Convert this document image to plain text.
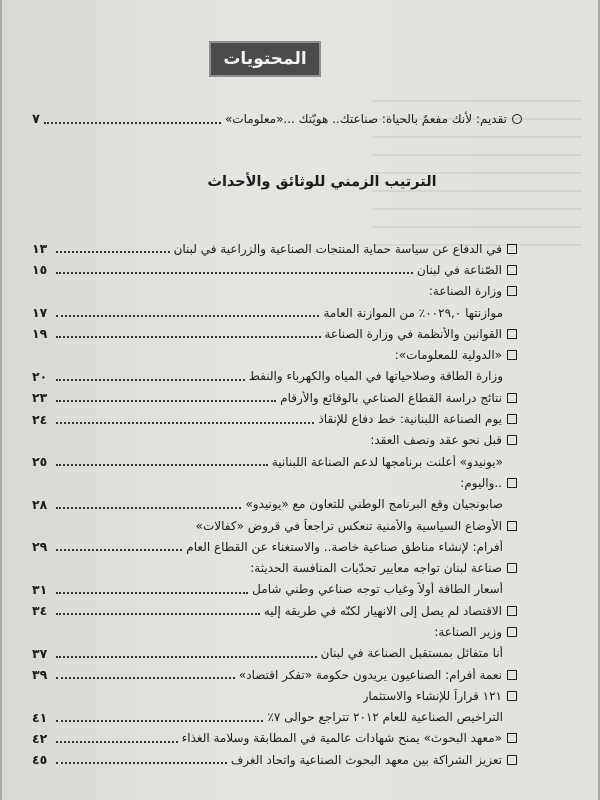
المحتويات
تقديم: لأنك مفعمٌ بالحياة: صناعتك.. هويّتك ...«معلومات»
٧
الترتيب الزمني للوثائق والأحداث
في الدفاع عن سياسة حماية المنتجات الصناعية والزراعية في لبنان
١٣
الصّناعة في لبنان
١٥
وزارة الصناعة:
موازنتها ٠٠٢٩,٠٪ من الموازنة العامة
١٧
القوانين والأنظمة في وزارة الصناعة
١٩
«الدولية للمعلومات»:
وزارة الطاقة وصلاحياتها في المياه والكهرباء والنفط
٢٠
نتائج دراسة القطاع الصناعي بالوقائع والأرقام
٢٣
يوم الصناعة اللبنانية: خط دفاع للإنقاذ
٢٤
قبل نحو عقد ونصف العقد:
«يونيدو» أعلنت برنامجها لدعم الصناعة اللبنانية
٢٥
..واليوم:
صابونجيان وقع البرنامج الوطني للتعاون مع «يونيدو»
٢٨
الأوضاع السياسية والأمنية تنعكس تراجعاً في قروض «كفالات»
أفرام: لإنشاء مناطق صناعية خاصة.. والاستغناء عن القطاع العام
٢٩
صناعة لبنان تواجه معايير تحدّيات المنافسة الحديثة:
أسعار الطاقة أولاً وغياب توجه صناعي وطني شامل
٣١
الاقتصاد لم يصل إلى الانهيار لكنّه في طريقه إليه
٣٤
وزير الصناعة:
أنا متفائل بمستقبل الصناعة في لبنان
٣٧
نعمة أفرام: الصناعيون يريدون حكومة «تفكر اقتصاد»
٣٩
١٢١ قراراً للإنشاء والاستثمار
التراخيص الصناعية للعام ٢٠١٢ تتراجع حوالى ٧٪
٤١
«معهد البحوث» يمنح شهادات عالمية في المطابقة وسلامة الغذاء
٤٢
تعزيز الشراكة بين معهد البحوث الصناعية واتحاد الغرف
٤٥
